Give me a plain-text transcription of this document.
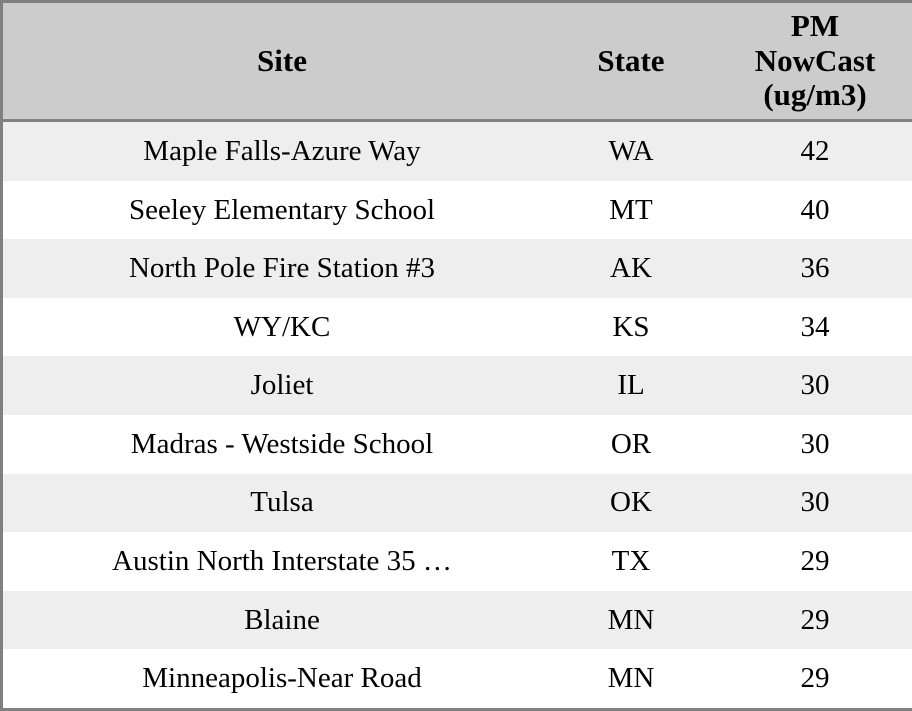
Site	State	PM
NowCast
(ug/m3)

Maple Falls-Azure Way	WA	42
Seeley Elementary School	MT	40
North Pole Fire Station #3	AK	36
WY/KC	KS	34
Joliet	IL	30
Madras - Westside School	OR	30
Tulsa	OK	30
Austin North Interstate 35 …	TX	29
Blaine	MN	29
Minneapolis-Near Road	MN	29
